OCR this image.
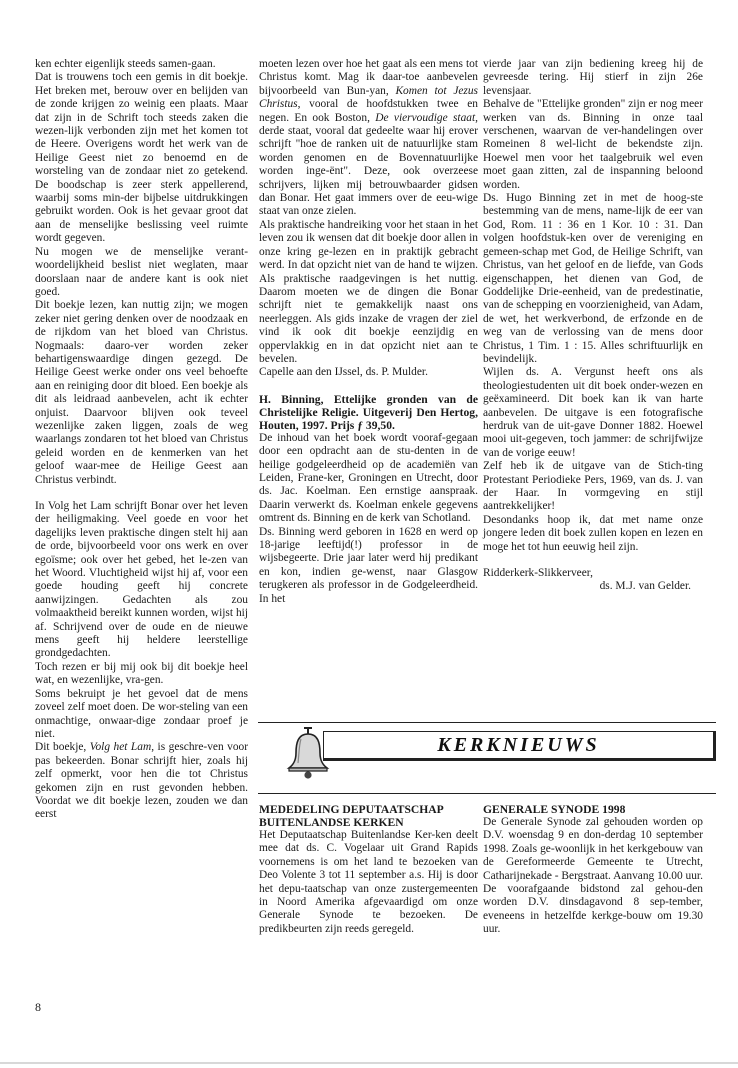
ken echter eigenlijk steeds samen-gaan.

Dat is trouwens toch een gemis in dit boekje. Het breken met, berouw over en belijden van de zonde krijgen zo weinig een plaats. Maar dat zijn in de Schrift toch steeds zaken die wezen-lijk verbonden zijn met het komen tot de Heere. Overigens wordt het werk van de Heilige Geest niet zo benoemd en de worsteling van de zondaar niet zo getekend. De boodschap is zeer sterk appellerend, waarbij soms min-der bijbelse uitdrukkingen gebruikt worden. Ook is het gevaar groot dat aan de menselijke beslissing veel ruimte wordt gegeven.

Nu mogen we de menselijke verant-woordelijkheid beslist niet weglaten, maar doorslaan naar de andere kant is ook niet goed.

Dit boekje lezen, kan nuttig zijn; we mogen zeker niet gering denken over de noodzaak en de rijkdom van het bloed van Christus. Nogmaals: daaro-ver worden zeker behartigenswaardige dingen gezegd. De Heilige Geest werke onder ons veel behoefte aan en reiniging door dit bloed. Een boekje als dit als leidraad aanbevelen, acht ik echter onjuist. Daarvoor blijven ook teveel wezenlijke zaken liggen, zoals de weg waarlangs zondaren tot het bloed van Christus geleid worden en de kenmerken van het geloof waar-mee de Heilige Geest aan Christus verbindt.

In Volg het Lam schrijft Bonar over het leven der heiligmaking. Veel goede en voor het dagelijks leven praktische dingen stelt hij aan de orde, bijvoorbeeld voor ons werk en over egoïsme; ook over het gebed, het le-zen van het Woord. Vluchtigheid wijst hij af, voor een goede houding geeft hij concrete aanwijzingen. Gedachten als zou volmaaktheid bereikt kunnen worden, wijst hij af. Schrijvend over de oude en de nieuwe mens geeft hij heldere leerstellige grondgedachten.

Toch rezen er bij mij ook bij dit boekje heel wat, en wezenlijke, vra-gen.

Soms bekruipt je het gevoel dat de mens zoveel zelf moet doen. De wor-steling van een onmachtige, onwaar-dige zondaar proef je niet.

Dit boekje, Volg het Lam, is geschre-ven voor pas bekeerden. Bonar schrijft hier, zoals hij zelf opmerkt, voor hen die tot Christus gekomen zijn en rust gevonden hebben. Voordat we dit boekje lezen, zouden we dan eerst

moeten lezen over hoe het gaat als een mens tot Christus komt. Mag ik daar-toe aanbevelen bijvoorbeeld van Bun-yan, Komen tot Jezus Christus, vooral de hoofdstukken twee en negen. En ook Boston, De viervoudige staat, derde staat, vooral dat gedeelte waar hij erover schrijft "hoe de ranken uit de natuurlijke stam worden genomen en de Bovennatuurlijke worden inge-ënt". Deze, ook overzeese schrijvers, lijken mij betrouwbaarder gidsen dan Bonar. Het gaat immers over de eeu-wige staat van onze zielen.

Als praktische handreiking voor het staan in het leven zou ik wensen dat dit boekje door allen in onze kring ge-lezen en in praktijk gebracht werd. In dat opzicht niet van de hand te wijzen. Als praktische raadgevingen is het nuttig. Daarom moeten we de dingen die Bonar schrijft niet te gemakkelijk naast ons neerleggen. Als gids inzake de vragen der ziel vind ik ook dit boekje eenzijdig en oppervlakkig en in dat opzicht niet aan te bevelen.

Capelle aan den IJssel, ds. P. Mulder.

H. Binning, Ettelijke gronden van de Christelijke Religie. Uitgeverij Den Hertog, Houten, 1997. Prijs ƒ 39,50.

De inhoud van het boek wordt vooraf-gegaan door een opdracht aan de stu-denten in de heilige godgeleerdheid op de academiën van Leiden, Frane-ker, Groningen en Utrecht, door ds. Jac. Koelman. Een ernstige aanspraak. Daarin verwerkt ds. Koelman enkele gegevens omtrent ds. Binning en de kerk van Schotland.

Ds. Binning werd geboren in 1628 en werd op 18-jarige leeftijd(!) professor in de wijsbegeerte. Drie jaar later werd hij predikant en kon, indien ge-wenst, naar Glasgow terugkeren als professor in de Godgeleerdheid. In het

vierde jaar van zijn bediening kreeg hij de gevreesde tering. Hij stierf in zijn 26e levensjaar.

Behalve de "Ettelijke gronden" zijn er nog meer werken van ds. Binning in onze taal verschenen, waarvan de ver-handelingen over Romeinen 8 wel-licht de bekendste zijn. Hoewel men voor het taalgebruik wel even moet gaan zitten, zal de inspanning beloond worden.

Ds. Hugo Binning zet in met de hoog-ste bestemming van de mens, name-lijk de eer van God, Rom. 11 : 36 en 1 Kor. 10 : 31. Dan volgen hoofdstuk-ken over de vereniging en gemeen-schap met God, de Heilige Schrift, van Christus, van het geloof en de liefde, van Gods eigenschappen, het dienen van God, de Goddelijke Drie-eenheid, van de predestinatie, van de schepping en voorzienigheid, van Adam, de wet, het werkverbond, de erfzonde en de weg van de verlossing van de mens door Christus, 1 Tim. 1 : 15. Alles schriftuurlijk en bevindelijk.

Wijlen ds. A. Vergunst heeft ons als theologiestudenten uit dit boek onder-wezen en geëxamineerd. Dit boek kan ik van harte aanbevelen. De uitgave is een fotografische herdruk van de uit-gave Donner 1882. Hoewel mooi uit-gegeven, toch jammer: de schrijfwijze van de vorige eeuw!

Zelf heb ik de uitgave van de Stich-ting Protestant Periodieke Pers, 1969, van ds. J. van der Haar. In vormgeving en stijl aantrekkelijker!

Desondanks hoop ik, dat met name onze jongere leden dit boek zullen kopen en lezen en moge het tot hun eeuwig heil zijn.

Ridderkerk-Slikkerveer,

ds. M.J. van Gelder.

KERKNIEUWS

MEDEDELING DEPUTAATSCHAP BUITENLANDSE KERKEN

Het Deputaatschap Buitenlandse Ker-ken deelt mee dat ds. C. Vogelaar uit Grand Rapids voornemens is om het land te bezoeken van Deo Volente 3 tot 11 september a.s. Hij is door het depu-taatschap van onze zustergemeenten in Noord Amerika afgevaardigd om onze Generale Synode te bezoeken. De predikbeurten zijn reeds geregeld.

GENERALE SYNODE 1998

De Generale Synode zal gehouden worden op D.V. woensdag 9 en don-derdag 10 september 1998. Zoals ge-woonlijk in het kerkgebouw van de Gereformeerde Gemeente te Utrecht, Catharijnekade - Bergstraat. Aanvang 10.00 uur.

De voorafgaande bidstond zal gehou-den worden D.V. dinsdagavond 8 sep-tember, eveneens in hetzelfde kerkge-bouw om 19.30 uur.

8
